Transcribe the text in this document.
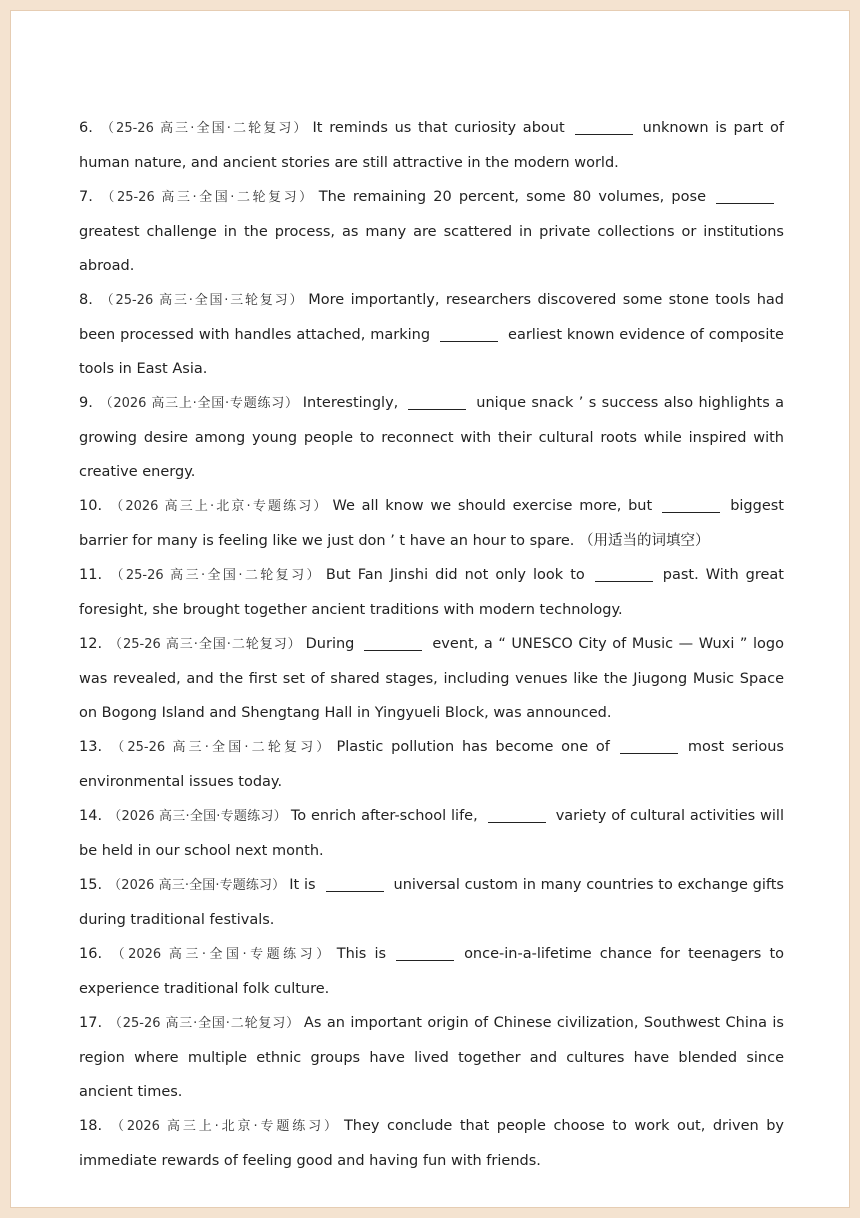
6. （25-26 高三·全国·二轮复习） It reminds us that curiosity about	unknown is part of human nature, and ancient stories are still attractive in the modern world.

7. （25-26 高三·全国·二轮复习） The remaining 20 percent, some 80 volumes, posegreatest challenge in the process, as many are scattered in private collections or institutions abroad.

8. （25-26 高三·全国·三轮复习） More importantly, researchers discovered some stone tools had been processed with handles attached, marking	earliest known evidence of composite tools in East Asia.

9. （2026 高三上·全国·专题练习） Interestingly,	unique snack ’ s success also highlights a growing desire among young people to reconnect with their cultural roots while inspired with creative energy.

10. （2026 高三上·北京·专题练习） We all know we should exercise more, but	biggest barrier for many is feeling like we just don ’ t have an hour to spare. （用适当的词填空）

11. （25-26 高三·全国·二轮复习） But Fan Jinshi did not only look to	past. With great foresight, she brought together ancient traditions with modern technology.

12. （25-26 高三·全国·二轮复习） During	event, a “ UNESCO City of Music — Wuxi ” logo was revealed, and the first set of shared stages, including venues like the Jiugong Music Space on Bogong Island and Shengtang Hall in Yingyueli Block, was announced.

13. （25-26 高三·全国·二轮复习） Plastic pollution has become one of	most serious environmental issues today.

14. （2026 高三·全国·专题练习） To enrich after-school life,	variety of cultural activities will be held in our school next month.

15. （2026 高三·全国·专题练习） It is	universal custom in many countries to exchange gifts during traditional festivals.

16. （2026 高三·全国·专题练习） This is	once-in-a-lifetime chance for teenagers to experience traditional folk culture.

17. （25-26 高三·全国·二轮复习） As an important origin of Chinese civilization, Southwest China is region where multiple ethnic groups have lived together and cultures have blended since ancient times.

18. （2026 高三上·北京·专题练习） They conclude that people choose to work out, driven by immediate rewards of feeling good and having fun with friends.
